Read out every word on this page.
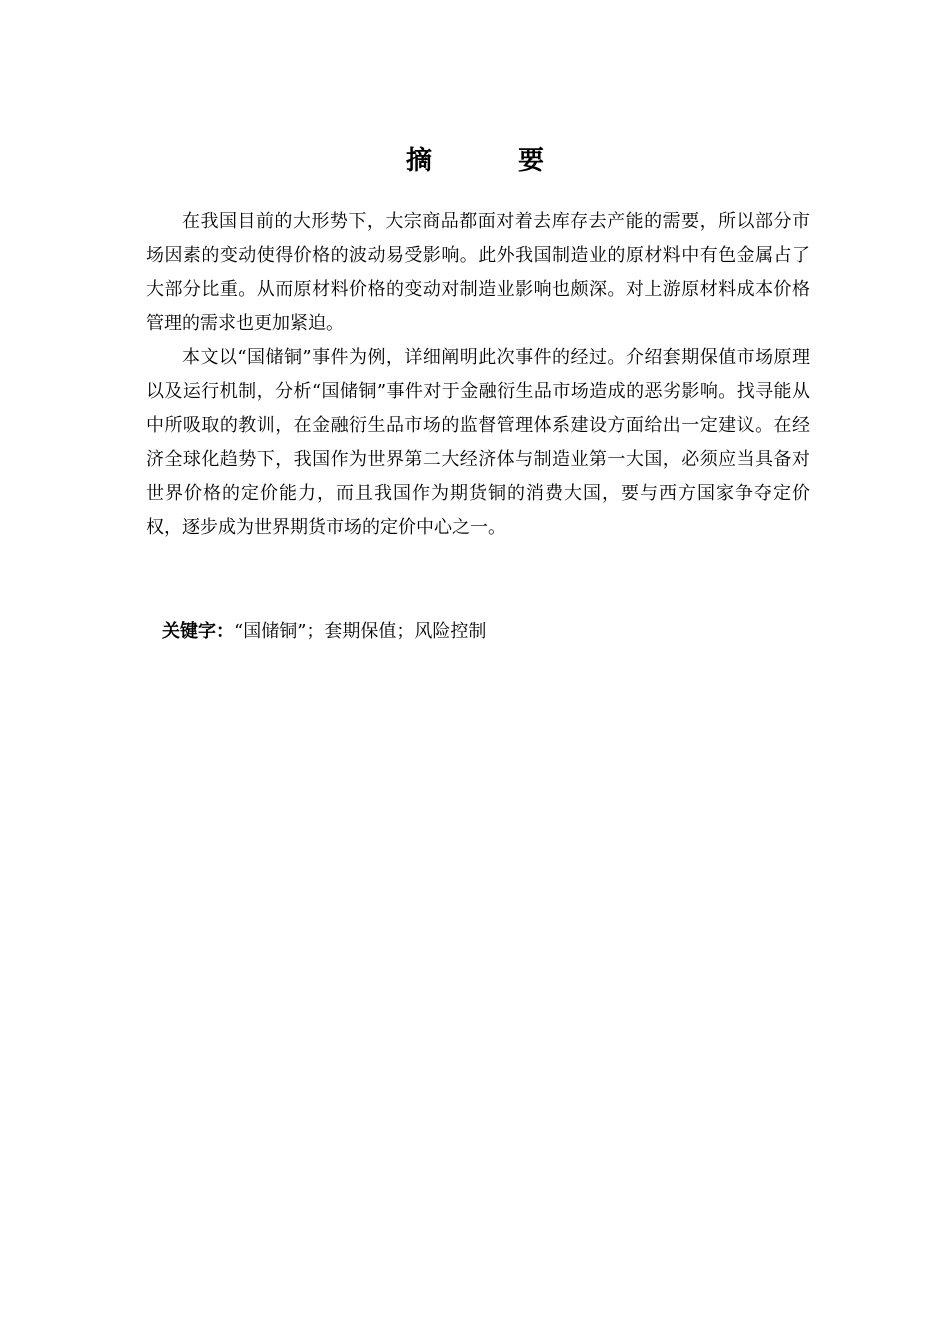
摘　要

在我国目前的大形势下，大宗商品都面对着去库存去产能的需要，所以部分市场因素的变动使得价格的波动易受影响。此外我国制造业的原材料中有色金属占了大部分比重。从而原材料价格的变动对制造业影响也颇深。对上游原材料成本价格管理的需求也更加紧迫。

本文以“国储铜”事件为例，详细阐明此次事件的经过。介绍套期保值市场原理以及运行机制，分析“国储铜”事件对于金融衍生品市场造成的恶劣影响。找寻能从中所吸取的教训，在金融衍生品市场的监督管理体系建设方面给出一定建议。在经济全球化趋势下，我国作为世界第二大经济体与制造业第一大国，必须应当具备对世界价格的定价能力，而且我国作为期货铜的消费大国，要与西方国家争夺定价权，逐步成为世界期货市场的定价中心之一。

关键字：“国储铜”；套期保值；风险控制
